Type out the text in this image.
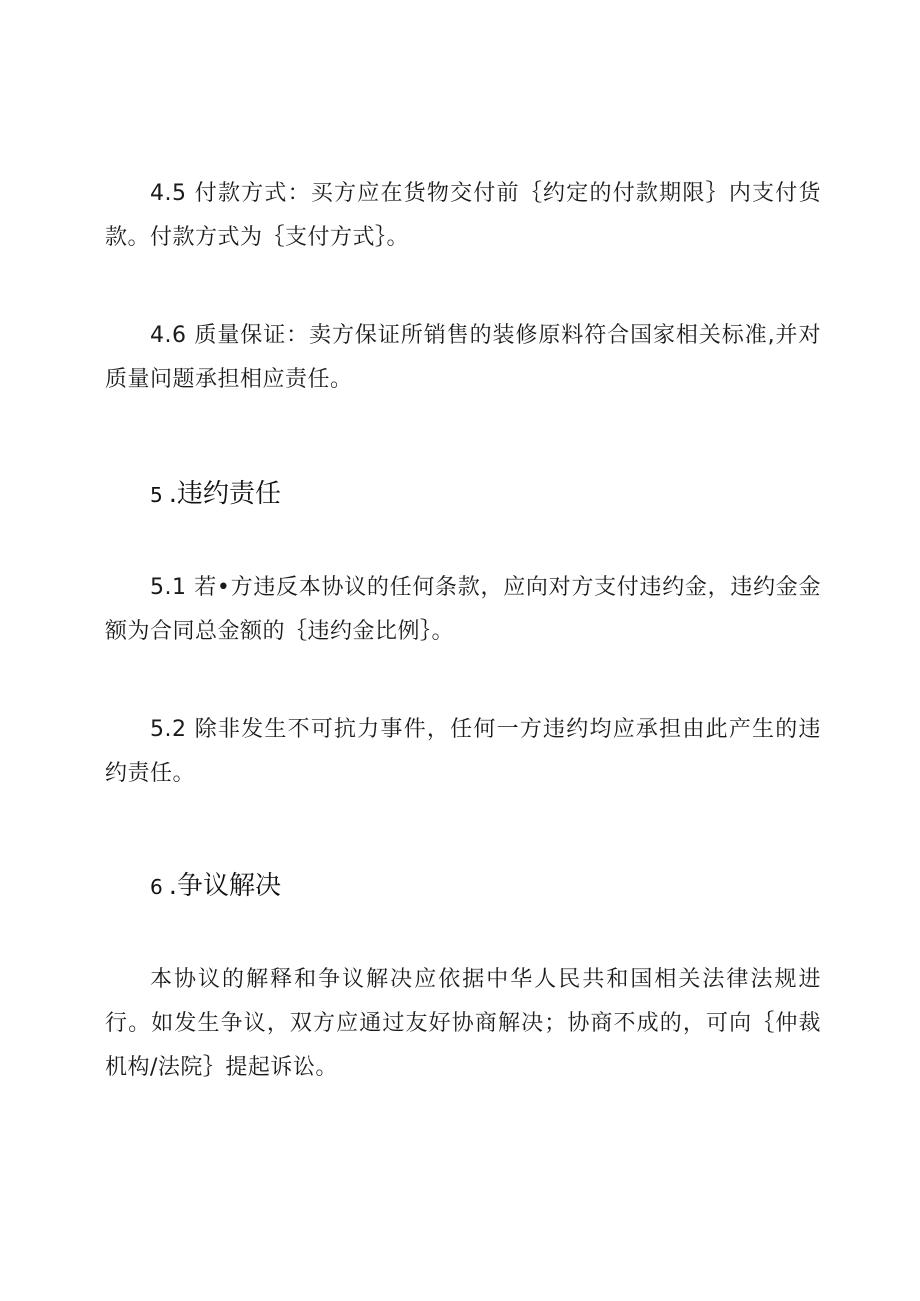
4.5 付款方式：买方应在货物交付前｛约定的付款期限｝内支付货款。付款方式为｛支付方式｝。

4.6 质量保证：卖方保证所销售的装修原料符合国家相关标准,并对质量问题承担相应责任。

5 .违约责任

5.1 若•方违反本协议的任何条款，应向对方支付违约金，违约金金额为合同总金额的｛违约金比例｝。

5.2 除非发生不可抗力事件，任何一方违约均应承担由此产生的违约责任。

6 .争议解决

本协议的解释和争议解决应依据中华人民共和国相关法律法规进行。如发生争议，双方应通过友好协商解决；协商不成的，可向｛仲裁机构/法院｝提起诉讼。
